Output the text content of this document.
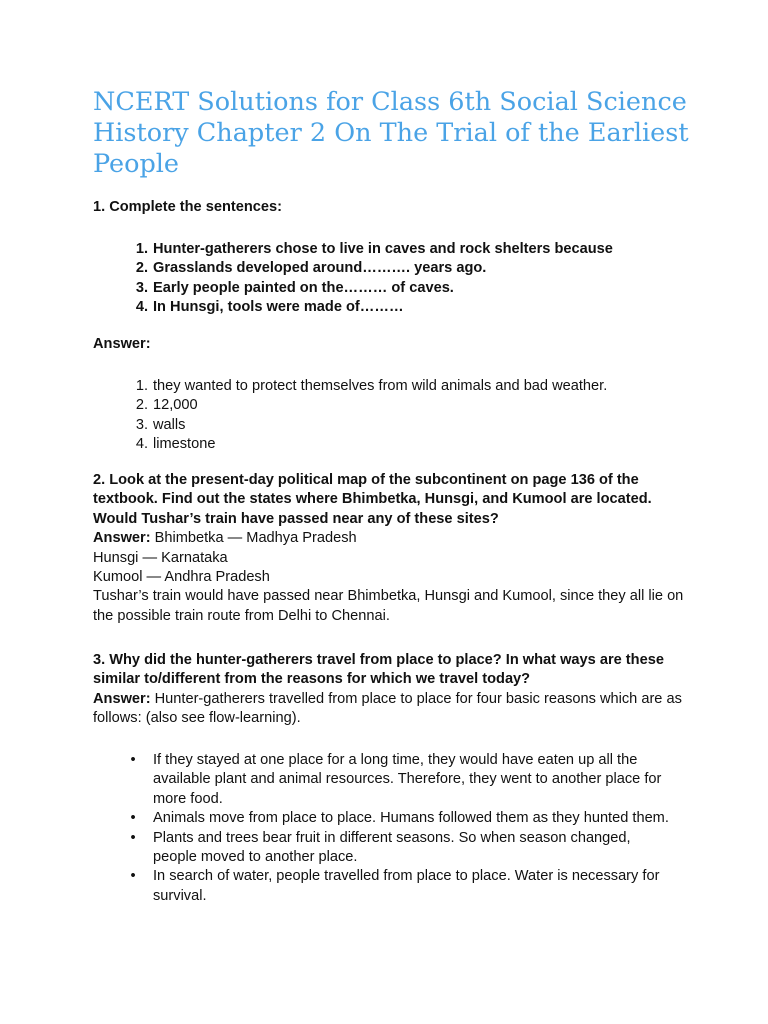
NCERT Solutions for Class 6th Social Science History Chapter 2 On The Trial of the Earliest People

1. Complete the sentences:

1. Hunter-gatherers chose to live in caves and rock shelters because
2. Grasslands developed around………. years ago.
3. Early people painted on the……… of caves.
4. In Hunsgi, tools were made of………

Answer:

1. they wanted to protect themselves from wild animals and bad weather.
2. 12,000
3. walls
4. limestone
2. Look at the present-day political map of the subcontinent on page 136 of the textbook. Find out the states where Bhimbetka, Hunsgi, and Kumool are located. Would Tushar’s train have passed near any of these sites?
Answer: Bhimbetka — Madhya Pradesh
Hunsgi — Karnataka
Kumool — Andhra Pradesh
Tushar’s train would have passed near Bhimbetka, Hunsgi and Kumool, since they all lie on the possible train route from Delhi to Chennai.
3. Why did the hunter-gatherers travel from place to place? In what ways are these similar to/different from the reasons for which we travel today?
Answer: Hunter-gatherers travelled from place to place for four basic reasons which are as follows: (also see flow-learning).
• If they stayed at one place for a long time, they would have eaten up all the available plant and animal resources. Therefore, they went to another place for more food.
• Animals move from place to place. Humans followed them as they hunted them.
• Plants and trees bear fruit in different seasons. So when season changed, people moved to another place.
• In search of water, people travelled from place to place. Water is necessary for survival.
